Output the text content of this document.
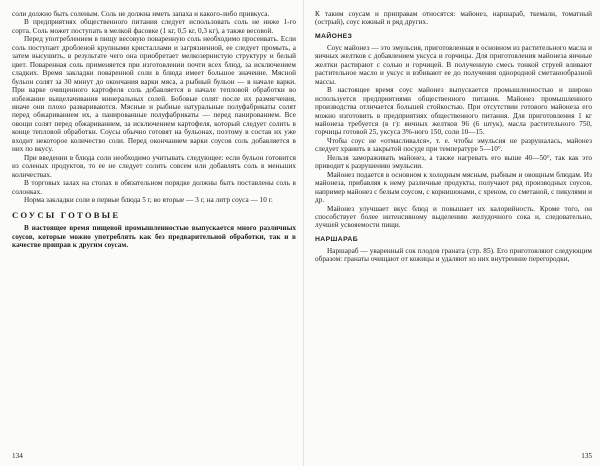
соли должно быть соленым. Соль не должна иметь запаха и какого-либо привкуса.

В предприятиях общественного питания следует использовать соль не ниже 1-го сорта. Соль может поступать в мелкой фасовке (1 кг, 0,5 кг, 0,3 кг), а также весовой.

Перед употреблением в пищу весовую поваренную соль необходимо просеивать. Если соль поступает дробленой крупными кристаллами и загрязненной, ее следует промыть, а затем высушить, в результате чего она приобретает мелкозернистую структуру и белый цвет. Поваренная соль применяется при изготовлении почти всех блюд, за исключением сладких. Время закладки поваренной соли в блюда имеет большое значение. Мясной бульон солят за 30 минут до окончания варки мяса, а рыбный бульон — в начале варки. При варке очищенного картофеля соль добавляется в начале тепловой обработки во избежание выщелачивания минеральных солей. Бобовые солят после их размягчения, иначе они плохо развариваются. Мясные и рыбные натуральные полуфабрикаты солят перед обжариванием их, а панированные полуфабрикаты — перед панированием. Все овощи солят перед обжариванием, за исключением картофеля, который следует солить в конце тепловой обработки. Соусы обычно готовят на бульонах, поэтому в состав их уже входит некоторое количество соли. Перед окончанием варки соусов соль добавляется в них по вкусу.

При введении в блюда соли необходимо учитывать следующее: если бульон готовится из соленых продуктов, то ее не следует солить совсем или добавлять соль в меньших количествах.

В торговых залах на столах в обязательном порядке должны быть поставлены соль в солонках.

Норма закладки соли в первые блюда 5 г, во вторые — 3 г, на литр соуса — 10 г.

СОУСЫ ГОТОВЫЕ

В настоящее время пищевой промышленностью выпускается много различных соусов, которые можно употреблять как без предварительной обработки, так и в качестве приправ к другим соусам.

134

К таким соусам и приправам относятся: майонез, наршараб, ткемали, томатный (острый), соус южный и ряд других.

МАЙОНЕЗ

Соус майонез — это эмульсия, приготовленная в основном из растительного масла и яичных желтков с добавлением уксуса и горчицы. Для приготовления майонеза яичные желтки растирают с солью и горчицей. В полученную смесь тонкой струей вливают растительное масло и уксус и взбивают ее до получения однородной сметанообразной массы.

В настоящее время соус майонез выпускается промышленностью и широко используется предприятиями общественного питания. Майонез промышленного производства отличается большей стойкостью. При отсутствии готового майонеза его можно изготовить в предприятиях общественного питания. Для приготовления 1 кг майонеза требуется (в г): яичных желтков 96 (6 штук), масла растительного 750, горчицы готовой 25, уксуса 3%-ного 150, соли 10—15.

Чтобы соус не «отмасливался», т. е. чтобы эмульсия не разрушалась, майонез следует хранить в закрытой посуде при температуре 5—10°.

Нельзя замораживать майонез, а также нагревать его выше 40—50°, так как это приводит к разрушению эмульсии.

Майонез подается в основном к холодным мясным, рыбным и овощным блюдам. Из майонеза, прибавляя к нему различные продукты, получают ряд производных соусов, например майонез с белым соусом, с корнишонами, с хреном, со сметаной, с пикулями и др.

Майонез улучшает вкус блюд и повышает их калорийность. Кроме того, он способствует более интенсивному выделению желудочного сока и, следовательно, лучшей усвояемости пищи.

НАРШАРАБ

Наршараб — уваренный сок плодов граната (стр. 85). Его приготовляют следующим образом: гранаты очищают от кожицы и удаляют из них внутренние перегородки,

135
